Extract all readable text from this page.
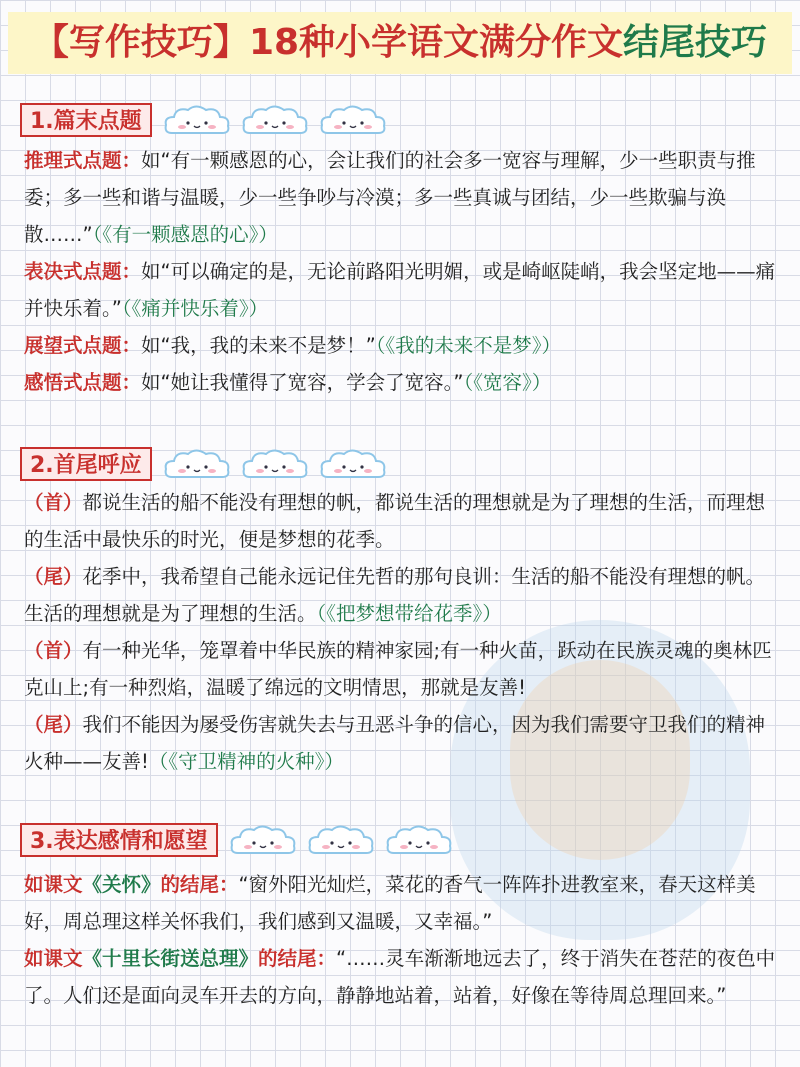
【写作技巧】 18种小学语文满分作文 结尾技巧
1.篇末点题
推理式点题：如“有一颗感恩的心，会让我们的社会多一宽容与理解，少一些职责与推委；多一些和谐与温暖，少一些争吵与冷漠；多一些真诚与团结，少一些欺骗与涣散……”（《有一颗感恩的心》）
表决式点题：如“可以确定的是，无论前路阳光明媚，或是崎岖陡峭，我会坚定地——痛并快乐着。”（《痛并快乐着》）
展望式点题：如“我，我的未来不是梦！”（《我的未来不是梦》）
感悟式点题：如“她让我懂得了宽容，学会了宽容。”（《宽容》）
2.首尾呼应
（首）都说生活的船不能没有理想的帆，都说生活的理想就是为了理想的生活，而理想的生活中最快乐的时光，便是梦想的花季。
（尾）花季中，我希望自己能永远记住先哲的那句良训：生活的船不能没有理想的帆。生活的理想就是为了理想的生活。（《把梦想带给花季》）
（首）有一种光华，笼罩着中华民族的精神家园;有一种火苗，跃动在民族灵魂的奥林匹克山上;有一种烈焰，温暖了绵远的文明情思，那就是友善!
（尾）我们不能因为屡受伤害就失去与丑恶斗争的信心，因为我们需要守卫我们的精神火种——友善!（《守卫精神的火种》）
3.表达感情和愿望
如课文《关怀》的结尾：“窗外阳光灿烂，菜花的香气一阵阵扑进教室来，春天这样美好，周总理这样关怀我们，我们感到又温暖，又幸福。”
如课文《十里长街送总理》的结尾：“……灵车渐渐地远去了，终于消失在苍茫的夜色中了。人们还是面向灵车开去的方向，静静地站着，站着，好像在等待周总理回来。”
